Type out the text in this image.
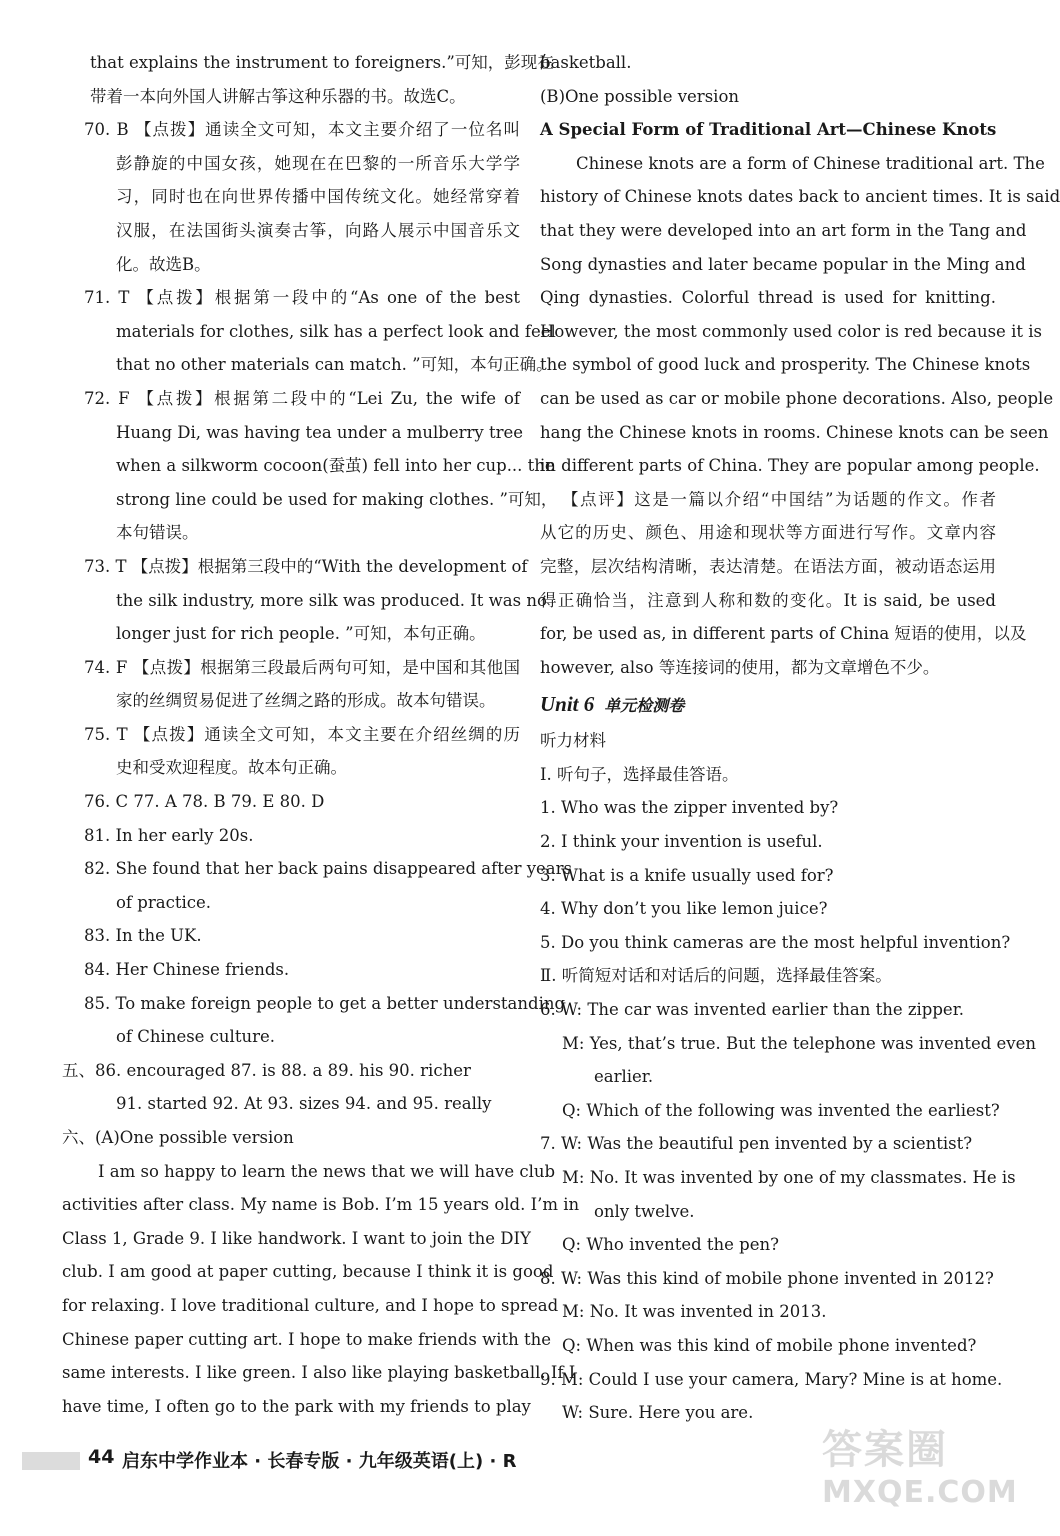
that explains the instrument to foreigners.”可知，彭现在
带着一本向外国人讲解古筝这种乐器的书。故选C。
70. B 【点拨】通读全文可知，本文主要介绍了一位名叫
彭静旋的中国女孩，她现在在巴黎的一所音乐大学学
习，同时也在向世界传播中国传统文化。她经常穿着
汉服，在法国街头演奏古筝，向路人展示中国音乐文
化。故选B。
71. T 【点拨】根据第一段中的“As one of the best
materials for clothes, silk has a perfect look and feel
that no other materials can match. ”可知，本句正确。
72. F 【点拨】根据第二段中的“Lei Zu, the wife of
Huang Di, was having tea under a mulberry tree
when a silkworm cocoon(蚕茧) fell into her cup... the
strong line could be used for making clothes. ”可知，
本句错误。
73. T 【点拨】根据第三段中的“With the development of
the silk industry, more silk was produced. It was no
longer just for rich people. ”可知，本句正确。
74. F 【点拨】根据第三段最后两句可知，是中国和其他国
家的丝绸贸易促进了丝绸之路的形成。故本句错误。
75. T 【点拨】通读全文可知，本文主要在介绍丝绸的历
史和受欢迎程度。故本句正确。
76. C 77. A 78. B 79. E 80. D
81. In her early 20s.
82. She found that her back pains disappeared after years
of practice.
83. In the UK.
84. Her Chinese friends.
85. To make foreign people to get a better understanding
of Chinese culture.
五、86. encouraged 87. is 88. a 89. his 90. richer
91. started 92. At 93. sizes 94. and 95. really
六、(A)One possible version
I am so happy to learn the news that we will have club
activities after class. My name is Bob. I’m 15 years old. I’m in
Class 1, Grade 9. I like handwork. I want to join the DIY
club. I am good at paper cutting, because I think it is good
for relaxing. I love traditional culture, and I hope to spread
Chinese paper cutting art. I hope to make friends with the
same interests. I like green. I also like playing basketball. If I
have time, I often go to the park with my friends to play
basketball.
(B)One possible version
A Special Form of Traditional Art—Chinese Knots
Chinese knots are a form of Chinese traditional art. The
history of Chinese knots dates back to ancient times. It is said
that they were developed into an art form in the Tang and
Song dynasties and later became popular in the Ming and
Qing dynasties. Colorful thread is used for knitting.
However, the most commonly used color is red because it is
the symbol of good luck and prosperity. The Chinese knots
can be used as car or mobile phone decorations. Also, people
hang the Chinese knots in rooms. Chinese knots can be seen
in different parts of China. They are popular among people.
【点评】这是一篇以介绍“中国结”为话题的作文。作者
从它的历史、颜色、用途和现状等方面进行写作。文章内容
完整，层次结构清晰，表达清楚。在语法方面，被动语态运用
得正确恰当，注意到人称和数的变化。It is said, be used
for, be used as, in different parts of China 短语的使用，以及
however, also 等连接词的使用，都为文章增色不少。
Unit 6 单元检测卷
听力材料
Ⅰ. 听句子，选择最佳答语。
1. Who was the zipper invented by?
2. I think your invention is useful.
3. What is a knife usually used for?
4. Why don’t you like lemon juice?
5. Do you think cameras are the most helpful invention?
Ⅱ. 听简短对话和对话后的问题，选择最佳答案。
6. W: The car was invented earlier than the zipper.
M: Yes, that’s true. But the telephone was invented even
earlier.
Q: Which of the following was invented the earliest?
7. W: Was the beautiful pen invented by a scientist?
M: No. It was invented by one of my classmates. He is
only twelve.
Q: Who invented the pen?
8. W: Was this kind of mobile phone invented in 2012?
M: No. It was invented in 2013.
Q: When was this kind of mobile phone invented?
9. M: Could I use your camera, Mary? Mine is at home.
W: Sure. Here you are.
44 启东中学作业本 · 长春专版 · 九年级英语(上) · R	答案圈
MXQE.COM
